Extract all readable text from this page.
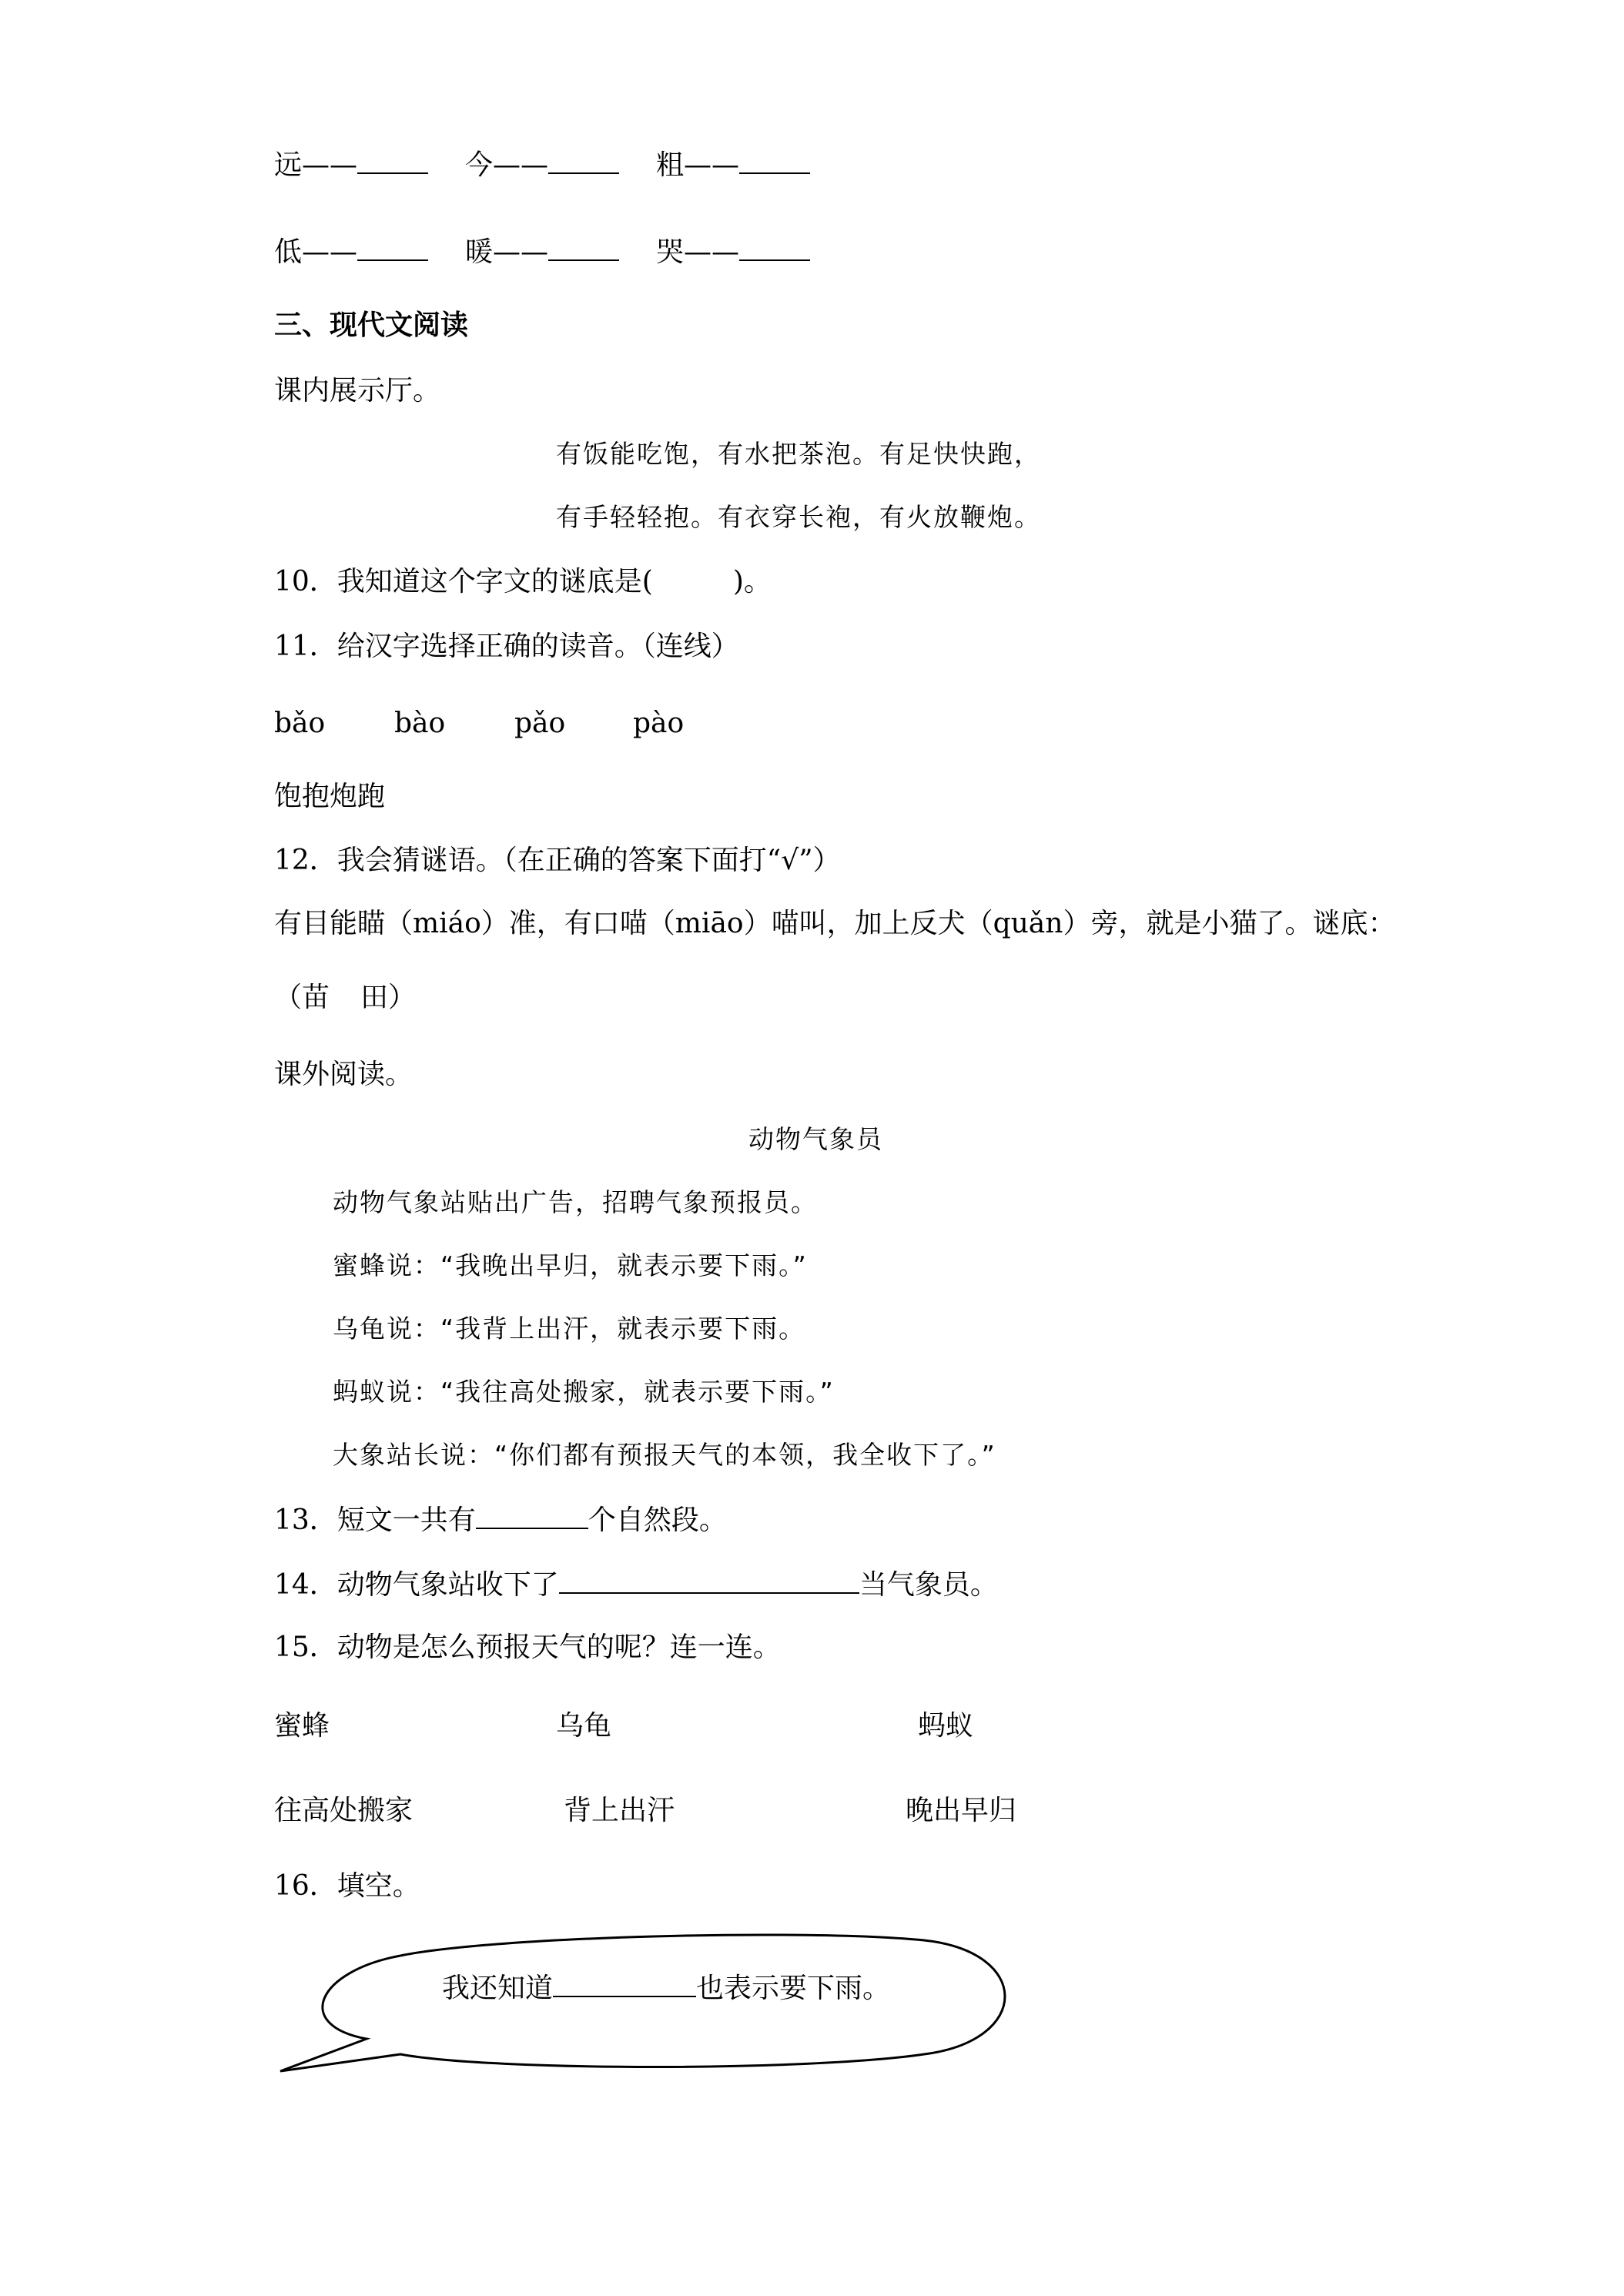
远——	今——	粗——
低——	暖——	哭——
三、现代文阅读
课内展示厅。
有饭能吃饱，有水把茶泡。有足快快跑，
有手轻轻抱。有衣穿长袍，有火放鞭炮。
10．我知道这个字文的谜底是(	)。
11．给汉字选择正确的读音。（连线）
bǎo bào pǎo pào
饱抱炮跑
12．我会猜谜语。（在正确的答案下面打“√”）
有目能瞄（miáo）准，有口喵（miāo）喵叫，加上反犬（quǎn）旁，就是小猫了。谜底：
（苗 田）
课外阅读。
动物气象员
动物气象站贴出广告，招聘气象预报员。
蜜蜂说：“我晚出早归，就表示要下雨。”
乌龟说：“我背上出汗，就表示要下雨。
蚂蚁说：“我往高处搬家，就表示要下雨。”
大象站长说：“你们都有预报天气的本领，我全收下了。”
13．短文一共有	个自然段。
14．动物气象站收下了	当气象员。
15．动物是怎么预报天气的呢？连一连。
蜜蜂	乌龟	蚂蚁
往高处搬家	背上出汗	晚出早归
16．填空。
我还知道	也表示要下雨。
